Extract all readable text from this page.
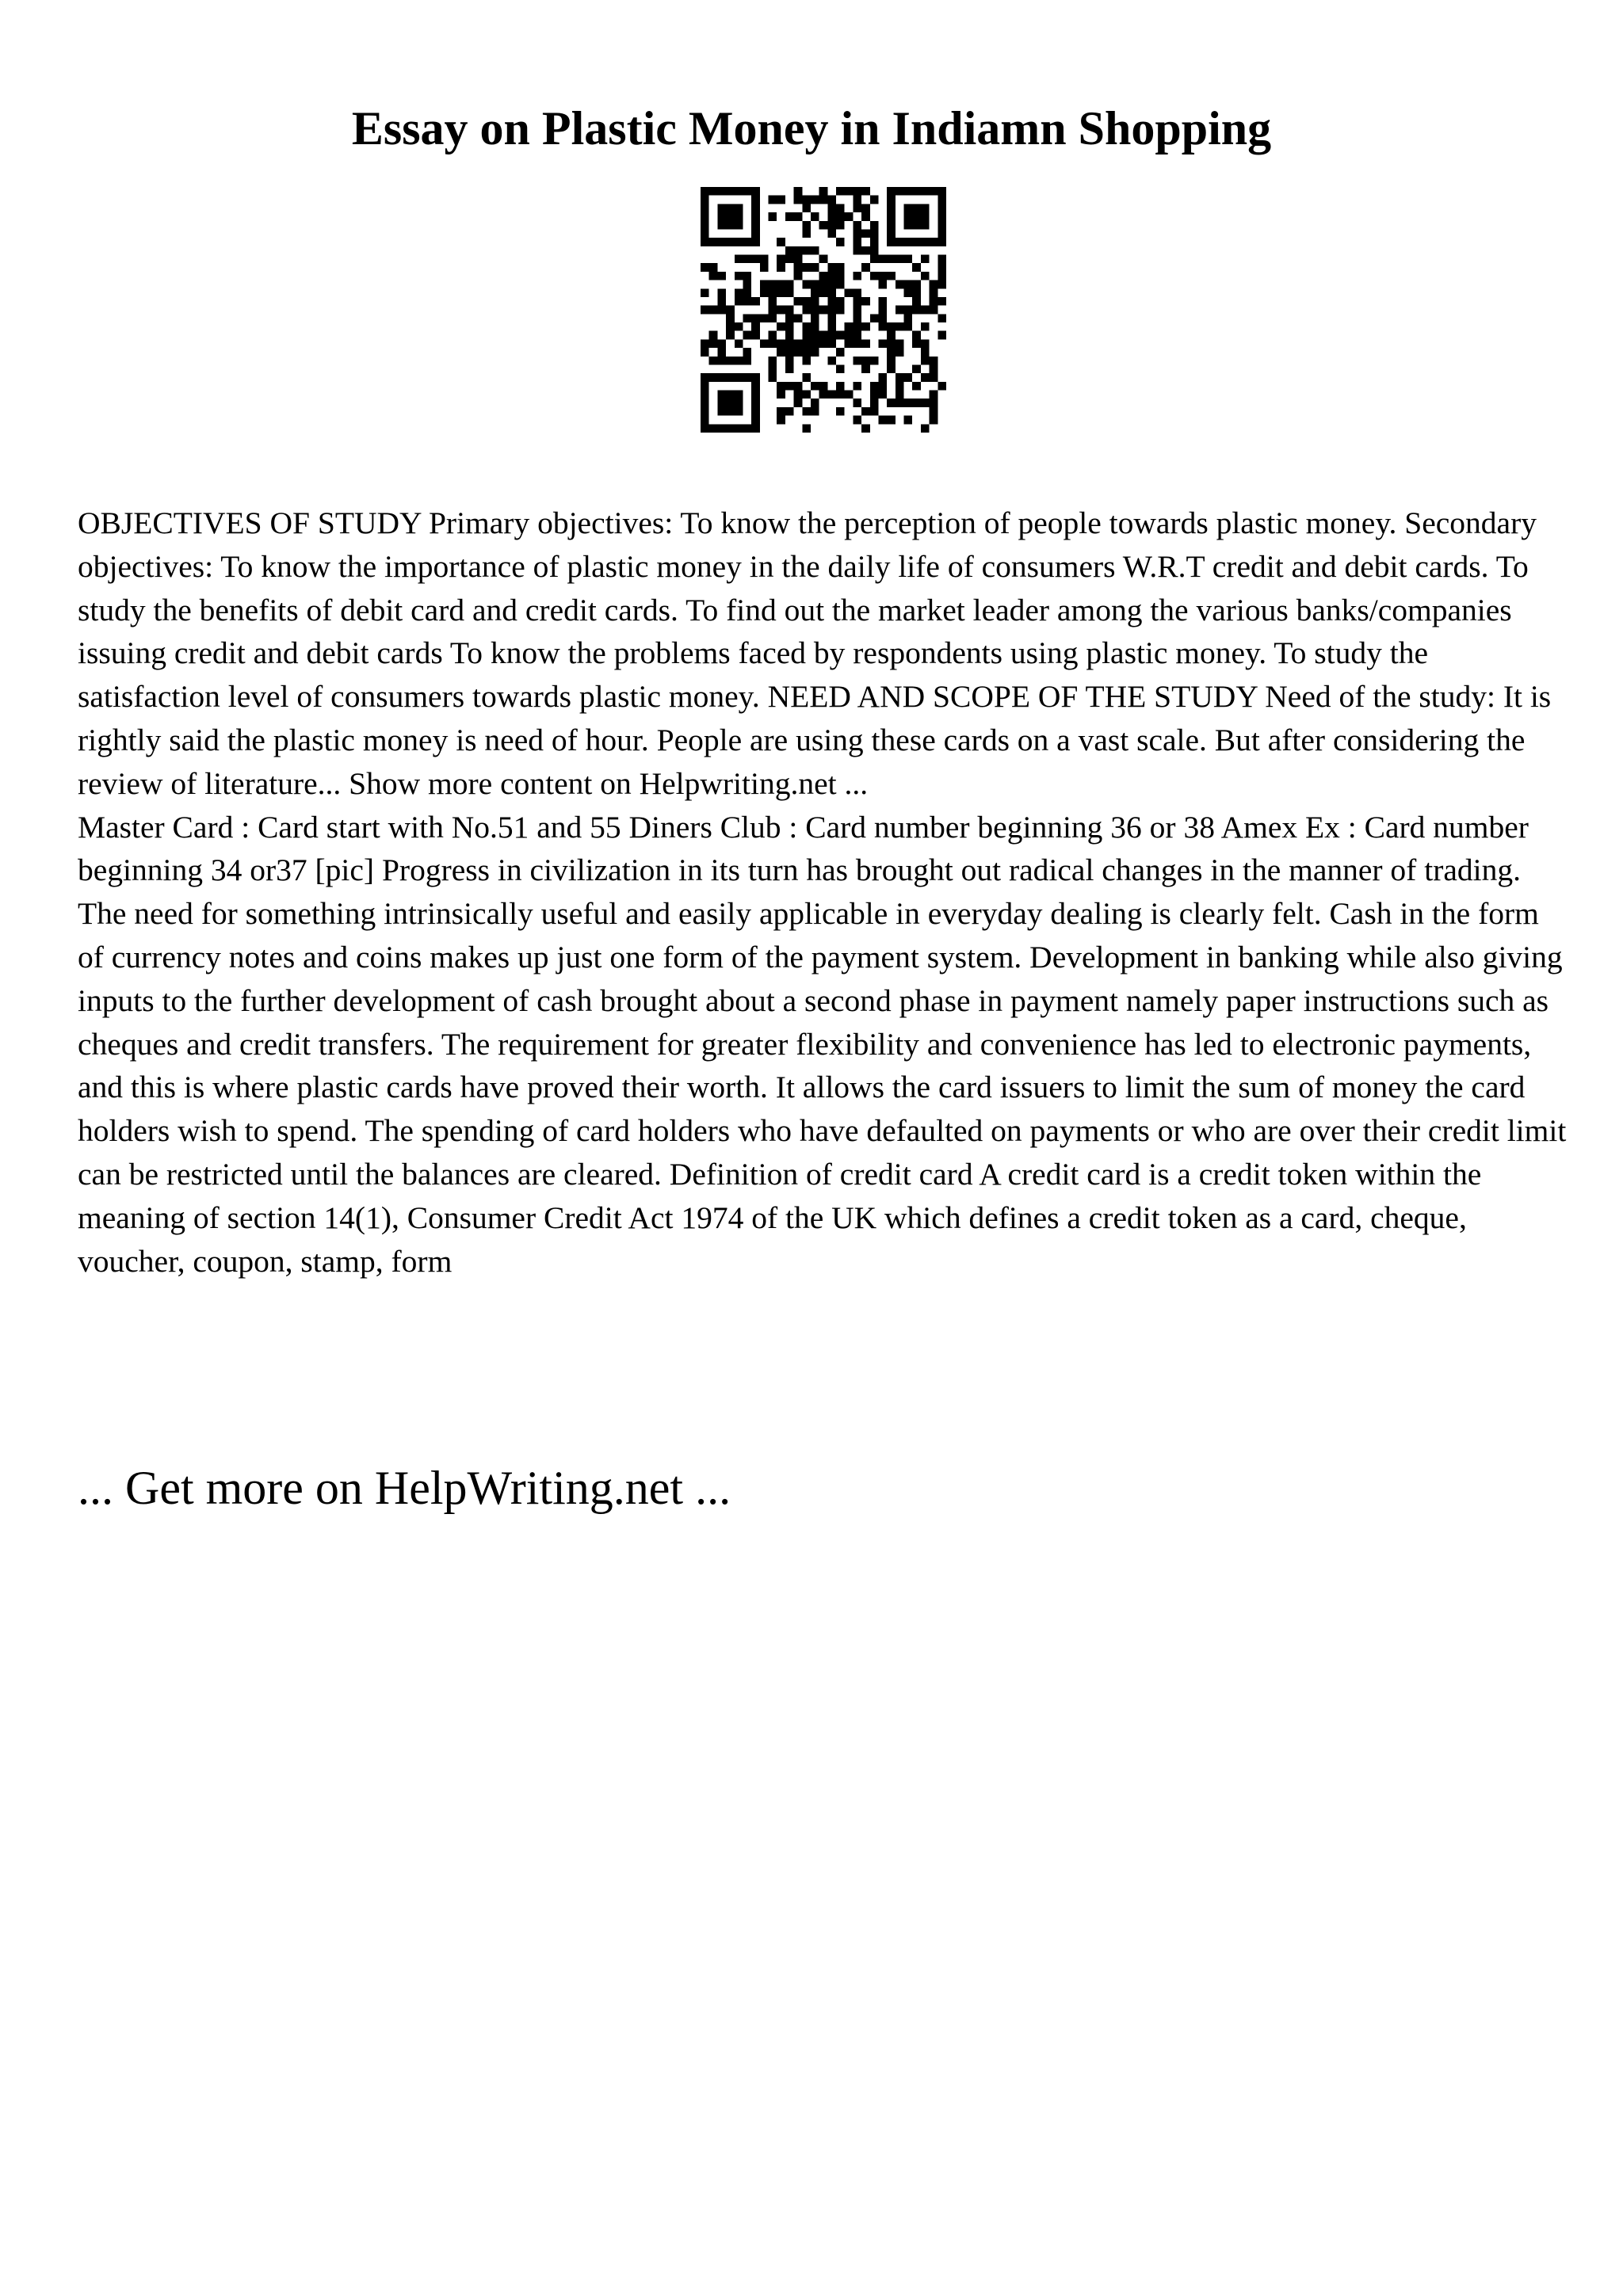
Essay on Plastic Money in Indiamn Shopping

OBJECTIVES OF STUDY Primary objectives: To know the perception of people towards plastic money. Secondary objectives: To know the importance of plastic money in the daily life of consumers W.R.T credit and debit cards. To study the benefits of debit card and credit cards. To find out the market leader among the various banks/companies issuing credit and debit cards To know the problems faced by respondents using plastic money. To study the satisfaction level of consumers towards plastic money. NEED AND SCOPE OF THE STUDY Need of the study: It is rightly said the plastic money is need of hour. People are using these cards on a vast scale. But after considering the review of literature... Show more content on Helpwriting.net ...

Master Card : Card start with No.51 and 55 Diners Club : Card number beginning 36 or 38 Amex Ex : Card number beginning 34 or37 [pic] Progress in civilization in its turn has brought out radical changes in the manner of trading. The need for something intrinsically useful and easily applicable in everyday dealing is clearly felt. Cash in the form of currency notes and coins makes up just one form of the payment system. Development in banking while also giving inputs to the further development of cash brought about a second phase in payment namely paper instructions such as cheques and credit transfers. The requirement for greater flexibility and convenience has led to electronic payments, and this is where plastic cards have proved their worth. It allows the card issuers to limit the sum of money the card holders wish to spend. The spending of card holders who have defaulted on payments or who are over their credit limit can be restricted until the balances are cleared. Definition of credit card A credit card is a credit token within the meaning of section 14(1), Consumer Credit Act 1974 of the UK which defines a credit token as a card, cheque, voucher, coupon, stamp, form

... Get more on HelpWriting.net ...
